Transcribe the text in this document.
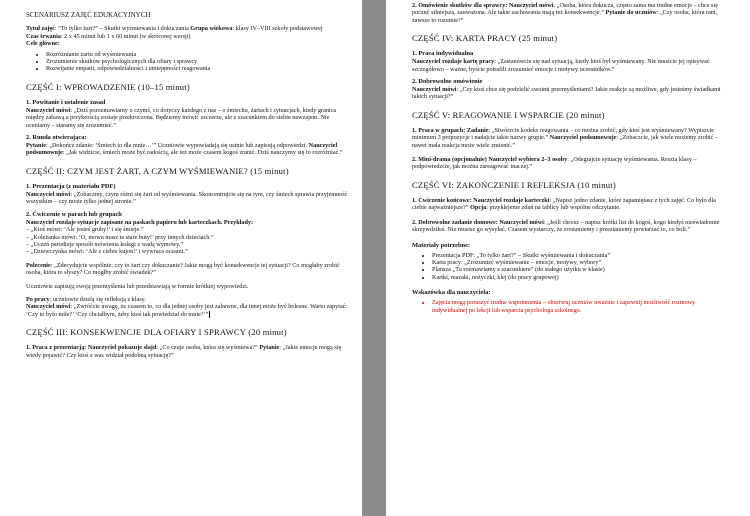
SCENARIUSZ ZAJĘĆ EDUKACYJNYCH
Tytuł zajęć: “To tylko żart?” – Skutki wyśmiewania i dokuczania Grupa wiekowa: klasy IV–VIII szkoły podstawowej
Czas trwania: 2 x 45 minut lub 1 x 60 minut (w skróconej wersji)
Cele główne:
• Rozróżnianie żartu od wyśmiewania
• Zrozumienie skutków psychologicznych dla ofiary i sprawcy
• Rozwijanie empatii, odpowiedzialności i umiejętności reagowania
CZĘŚĆ I: WPROWADZENIE (10–15 minut)
1. Powitanie i ustalenie zasad
Nauczyciel mówi: „Dziś porozmawiamy o czymś, co dotyczy każdego z nas – o śmiechu, żartach i sytuacjach, kiedy granica między zabawą a przykrością zostaje przekroczona. Będziemy mówić szczerze, ale z szacunkiem do siebie nawzajem. Nie oceniamy – staramy się zrozumieć.”
2. Runda otwierająca:
Pytanie: „Dokończ zdanie: ‘Śmiech to dla mnie…’” Uczniowie wypowiadają się ustnie lub zapisują odpowiedzi. Nauczyciel podsumowuje: „Jak widzicie, śmiech może być radością, ale też może czasem kogoś zranić. Dziś nauczymy się to rozróżniać.”
CZĘŚĆ II: CZYM JEST ŻART, A CZYM WYŚMIEWANIE? (15 minut)
1. Prezentacja (z materiału PDF)
Nauczyciel mówi: „Zobaczmy, czym różni się żart od wyśmiewania. Skoncentrujcie się na tym, czy śmiech sprawia przyjemność wszystkim – czy może tylko jednej stronie.”
2. Ćwiczenie w parach lub grupach
Nauczyciel rozdaje sytuacje zapisane na paskach papieru lub karteczkach. Przykłady:
– „Ktoś mówi: ‘Ale jesteś gruby!’ i się śmieje.”
– „Koleżanka mówi: ‘O, mowu masz te stare buty!’ przy innych dzieciach.”
– „Uczeń parodiuje sposób mówienia kolegi z wadą wymowy.”
– „Dziewczynka mówi: ‘Ale z ciebie kujon!’ i wywraca oczami.”
Polecenie: „Zdecydujcie wspólnie: czy to żart czy dokuczanie? Jakie mogą być konsekwencje tej sytuacji? Co mogłaby zrobić osoba, która to słyszy? Co mógłby zrobić świadek?”
Uczniowie zapisują swoją przemyślenia lub przedstawiają w formie krótkiej wypowiedzi.
Po pracy: uczniowie dzielą się refleksją z klasy.
Nauczyciel mówi: „Zwróćcie uwagę, że czasem to, co dla jednej osoby jest zabawne, dla innej może być bolesne. Warto zapytać: ‘Czy to było miłe?’ ‘Czy chciałbym, żeby ktoś tak powiedział do mnie?’”
CZĘŚĆ III: KONSEKWENCJE DLA OFIARY I SPRAWCY (20 minut)
1. Praca z prezentacją: Nauczyciel pokazuje slajd: „Co czuje osoba, która się wyśmiewa?” Pytanie: „Jakie emocje mogą się wtedy pojawić? Czy ktoś z was widział podobną sytuację?”
2. Omówienie skutków dla sprawcy: Nauczyciel mówi: „Osoba, która dokucza, często sama ma trudne emocje – chce się poczuć silniejsza, zauważona. Ale takie zachowania mają też konsekwencje.” Pytanie do uczniów: „Czy osoba, która rani, zawsze to rozumie?”
CZĘŚĆ IV: KARTA PRACY (25 minut)
1. Praca indywidualna
Nauczyciel rozdaje kartę pracy: „Zastanówcie się nad sytuacją, kiedy ktoś był wyśmiewany. Nie musicie jej opisywać szczegółowo – ważne, byście potrafili zrozumieć emocje i motywy uczestników.”
2. Dobrowolne omówienie
Nauczyciel mówi: „Czy ktoś chce się podzielić swoimi przemyśleniami? Jakie reakcje są możliwe, gdy jesteśmy świadkami takich sytuacji?”
CZĘŚĆ V: REAGOWANIE I WSPARCIE (20 minut)
1. Praca w grupach: Zadanie: „Stwórzcie kodeks reagowania – co można zrobić, gdy ktoś jest wyśmiewany? Wypiszcie minimum 3 propozycje i nadajcie takie nazwy grupie.” Nauczyciel podsumowuje: „Zobaczcie, jak wiele możemy zrobić – nawet mała reakcja może wiele zmienić.”
2. Mini-drama (opcjonalnie) Nauczyciel wybiera 2–3 osoby: „Odegrajcie sytuację wyśmiewania. Reszta klasy – podpowiedzcie, jak można zareagować inaczej.”
CZĘŚĆ VI: ZAKOŃCZENIE I REFLEKSJA (10 minut)
1. Ćwiczenie końcowe: Nauczyciel rozdaje karteczki: „Napisz jedno zdanie, które zapamiętasz z tych zajęć. Co było dla ciebie najważniejsze?” Opcja: przyklejenie zdań na tablicy lub wspólne odczytanie.
2. Dobrowolne zadanie domowe: Nauczyciel mówi: „Jeśli chcesz – napisz krótki list do kogoś, kogo kiedyś nieświadomie skrzywdziłeś. Nie musisz go wysyłać. Czasem wystarczy, że zrozumiemy i przestaniemy powtarzać to, co boli.”
Materiały potrzebne:
• Prezentacja PDF: „To tylko żart?” – Skutki wyśmiewania i dokuczania”
• Karta pracy: „Zrozumieć wyśmiewanie – emocje, motywy, wybory”
• Plansza „Tu rozmawiamy z szacunkiem” (do stałego użytku w klasie)
• Kartki, mazaki, nożyczki, klej (do pracy grupowej)
Wskazówka dla nauczyciela:
• Zajęcia mogą poruszyć trudne wspomnienia – obserwuj uczniów uważnie i zapewnij możliwość rozmowy indywidualnej po lekcji lub wsparcia psychologa szkolnego.
